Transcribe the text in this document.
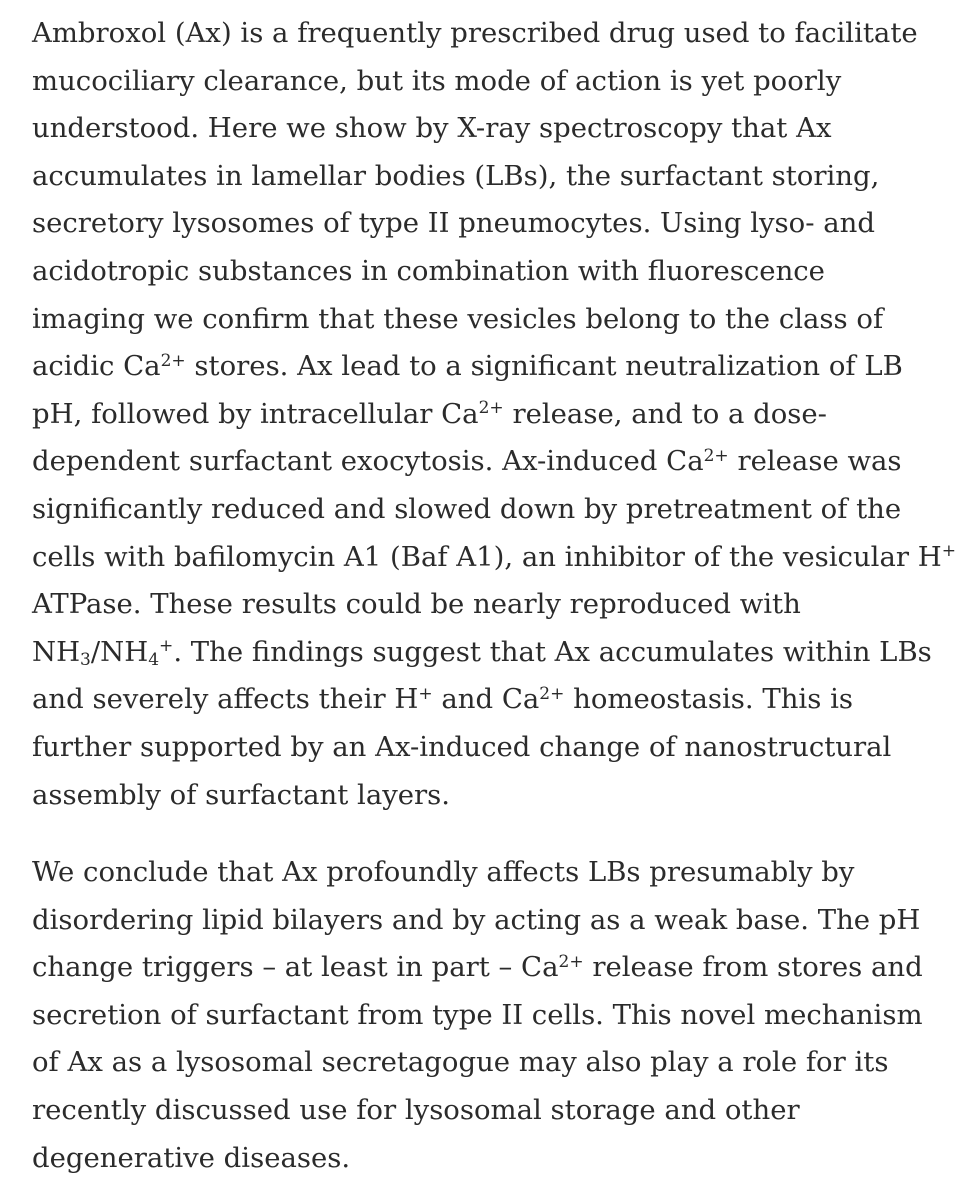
Ambroxol (Ax) is a frequently prescribed drug used to facilitate
mucociliary clearance, but its mode of action is yet poorly
understood. Here we show by X-ray spectroscopy that Ax
accumulates in lamellar bodies (LBs), the surfactant storing,
secretory lysosomes of type II pneumocytes. Using lyso- and
acidotropic substances in combination with fluorescence
imaging we confirm that these vesicles belong to the class of
acidic $Ca^{2+}$ stores. Ax lead to a significant neutralization of LB
pH, followed by intracellular $Ca^{2+}$ release, and to a dose-
dependent surfactant exocytosis. Ax-induced $Ca^{2+}$ release was
significantly reduced and slowed down by pretreatment of the
cells with bafilomycin A1 (Baf A1), an inhibitor of the vesicular H+
ATPase. These results could be nearly reproduced with
$NH_3/NH_4^+$. The findings suggest that Ax accumulates within LBs
and severely affects their H+ and $Ca^{2+}$ homeostasis. This is
further supported by an Ax-induced change of nanostructural
assembly of surfactant layers.

We conclude that Ax profoundly affects LBs presumably by
disordering lipid bilayers and by acting as a weak base. The pH
change triggers – at least in part – $Ca^{2+}$ release from stores and
secretion of surfactant from type II cells. This novel mechanism
of Ax as a lysosomal secretagogue may also play a role for its
recently discussed use for lysosomal storage and other
degenerative diseases.
